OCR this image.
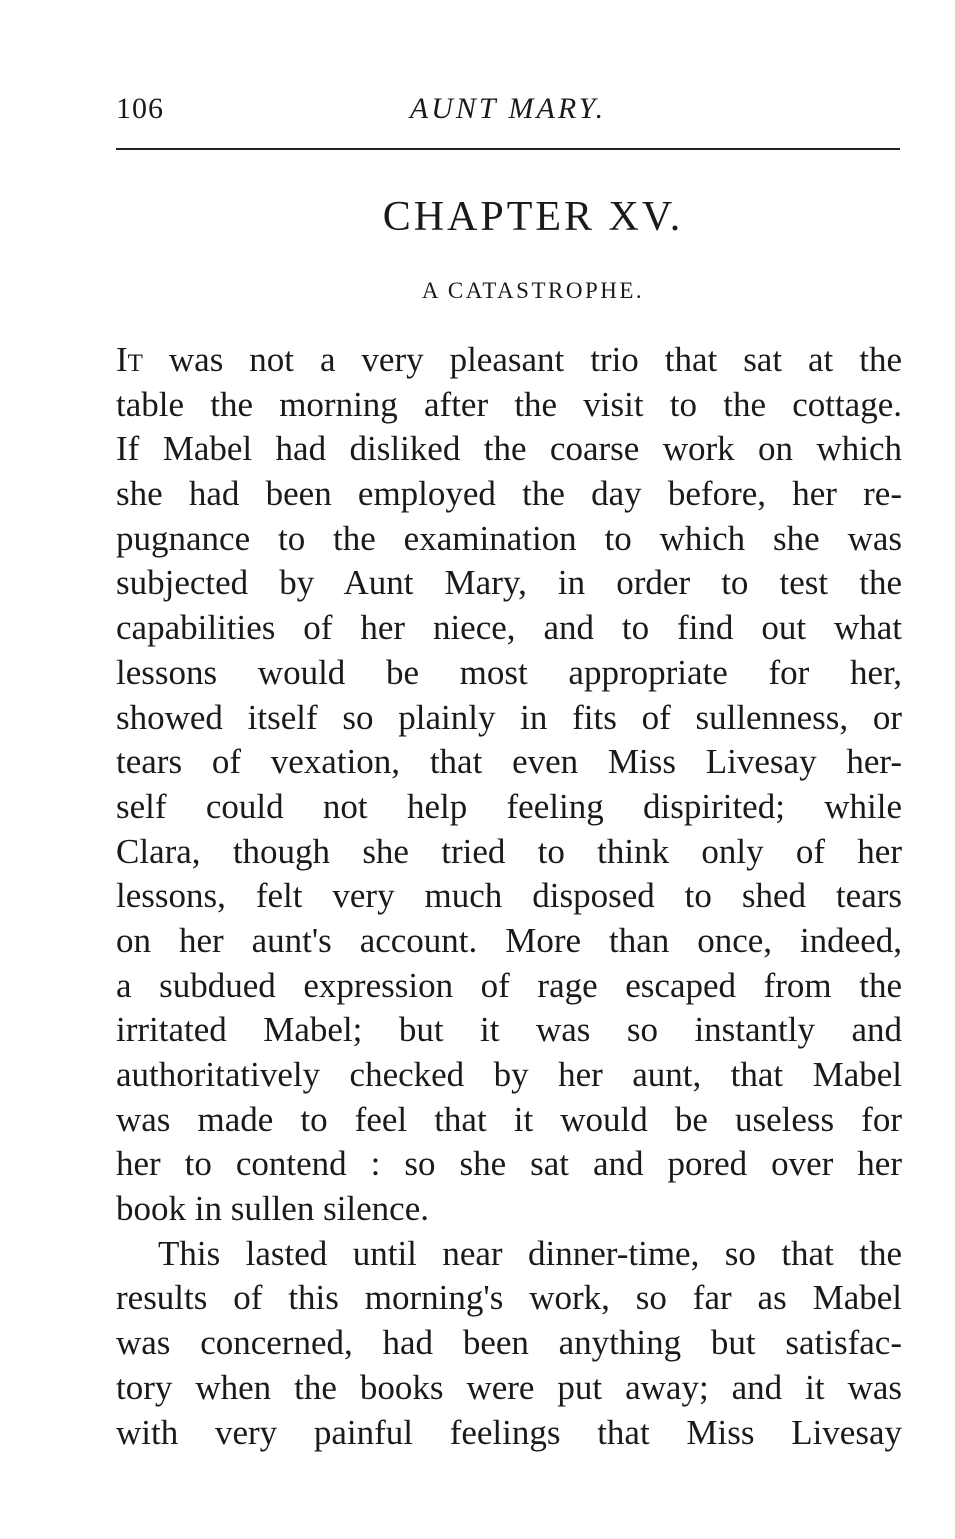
106	AUNT MARY.
CHAPTER XV.
A CATASTROPHE.
It was not a very pleasant trio that sat at the
table the morning after the visit to the cottage.
If Mabel had disliked the coarse work on which
she had been employed the day before, her re-
pugnance to the examination to which she was
subjected by Aunt Mary, in order to test the
capabilities of her niece, and to find out what
lessons would be most appropriate for her,
showed itself so plainly in fits of sullenness, or
tears of vexation, that even Miss Livesay her-
self could not help feeling dispirited; while
Clara, though she tried to think only of her
lessons, felt very much disposed to shed tears
on her aunt's account. More than once, indeed,
a subdued expression of rage escaped from the
irritated Mabel; but it was so instantly and
authoritatively checked by her aunt, that Mabel
was made to feel that it would be useless for
her to contend : so she sat and pored over her
book in sullen silence.
This lasted until near dinner-time, so that the
results of this morning's work, so far as Mabel
was concerned, had been anything but satisfac-
tory when the books were put away; and it was
with very painful feelings that Miss Livesay
